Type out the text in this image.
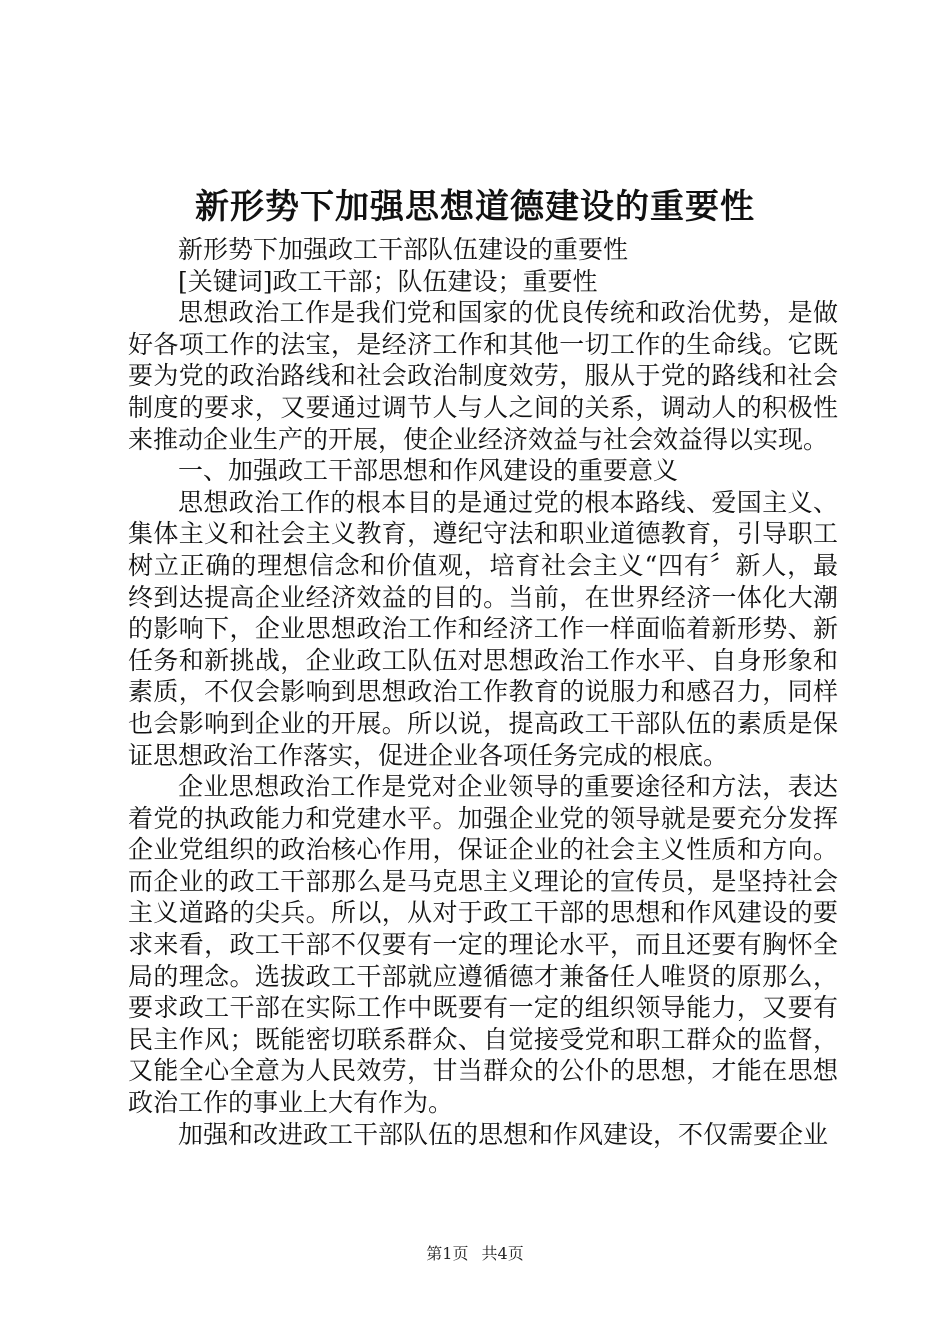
新形势下加强思想道德建设的重要性

新形势下加强政工干部队伍建设的重要性

[关键词]政工干部；队伍建设；重要性

思想政治工作是我们党和国家的优良传统和政治优势，是做好各项工作的法宝，是经济工作和其他一切工作的生命线。它既要为党的政治路线和社会政治制度效劳，服从于党的路线和社会制度的要求，又要通过调节人与人之间的关系，调动人的积极性来推动企业生产的开展，使企业经济效益与社会效益得以实现。

一、加强政工干部思想和作风建设的重要意义

思想政治工作的根本目的是通过党的根本路线、爱国主义、集体主义和社会主义教育，遵纪守法和职业道德教育，引导职工树立正确的理想信念和价值观，培育社会主义“四有〞新人，最终到达提高企业经济效益的目的。当前，在世界经济一体化大潮的影响下，企业思想政治工作和经济工作一样面临着新形势、新任务和新挑战，企业政工队伍对思想政治工作水平、自身形象和素质，不仅会影响到思想政治工作教育的说服力和感召力，同样也会影响到企业的开展。所以说，提高政工干部队伍的素质是保证思想政治工作落实，促进企业各项任务完成的根底。

企业思想政治工作是党对企业领导的重要途径和方法，表达着党的执政能力和党建水平。加强企业党的领导就是要充分发挥企业党组织的政治核心作用，保证企业的社会主义性质和方向。而企业的政工干部那么是马克思主义理论的宣传员，是坚持社会主义道路的尖兵。所以，从对于政工干部的思想和作风建设的要求来看，政工干部不仅要有一定的理论水平，而且还要有胸怀全局的理念。选拔政工干部就应遵循德才兼备任人唯贤的原那么，要求政工干部在实际工作中既要有一定的组织领导能力，又要有民主作风；既能密切联系群众、自觉接受党和职工群众的监督，又能全心全意为人民效劳，甘当群众的公仆的思想，才能在思想政治工作的事业上大有作为。

加强和改进政工干部队伍的思想和作风建设，不仅需要企业

第1页 共4页
